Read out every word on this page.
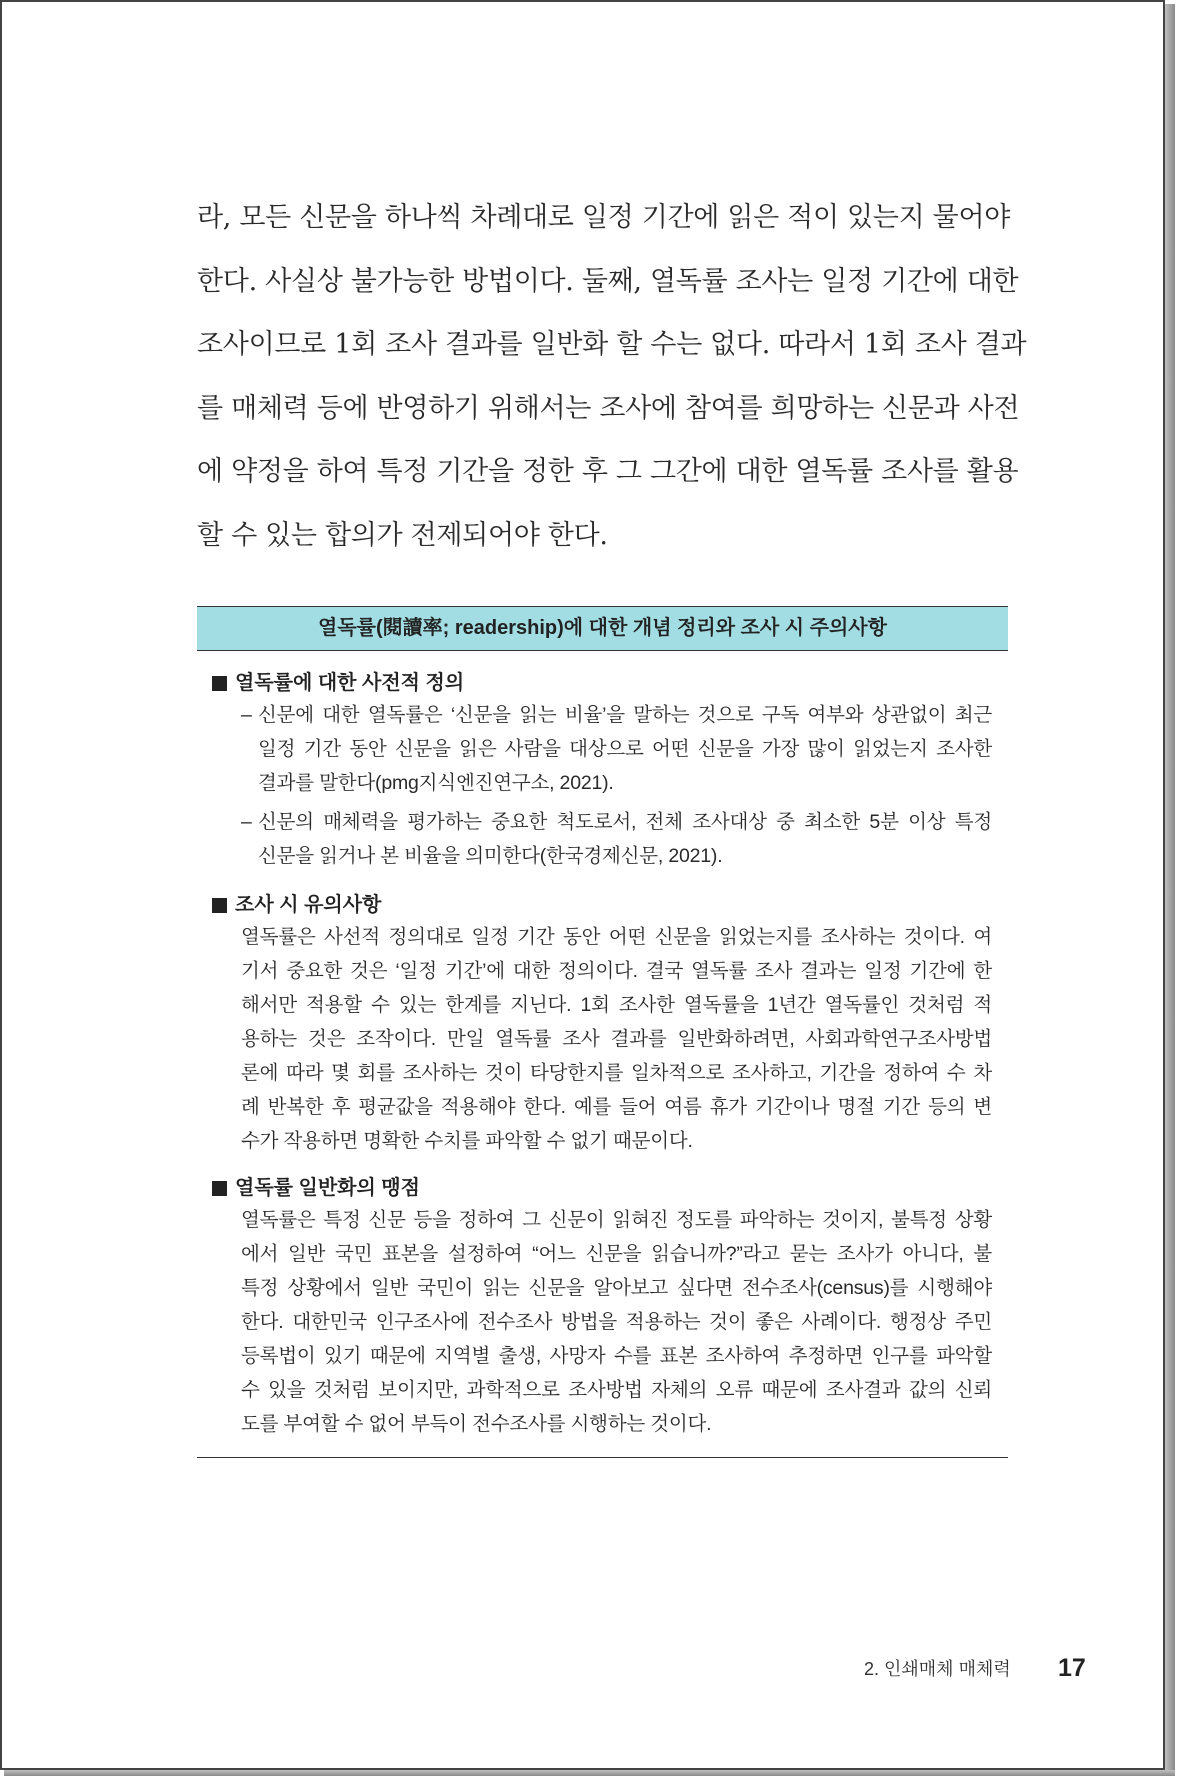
라, 모든 신문을 하나씩 차례대로 일정 기간에 읽은 적이 있는지 물어야
한다. 사실상 불가능한 방법이다. 둘째, 열독률 조사는 일정 기간에 대한
조사이므로 1회 조사 결과를 일반화 할 수는 없다. 따라서 1회 조사 결과
를 매체력 등에 반영하기 위해서는 조사에 참여를 희망하는 신문과 사전
에 약정을 하여 특정 기간을 정한 후 그 그간에 대한 열독률 조사를 활용
할 수 있는 합의가 전제되어야 한다.
열독률(閱讀率; readership)에 대한 개념 정리와 조사 시 주의사항
열독률에 대한 사전적 정의
– 신문에 대한 열독률은 ‘신문을 읽는 비율’을 말하는 것으로 구독 여부와 상관없이 최근
일정 기간 동안 신문을 읽은 사람을 대상으로 어떤 신문을 가장 많이 읽었는지 조사한
결과를 말한다(pmg지식엔진연구소, 2021).
– 신문의 매체력을 평가하는 중요한 척도로서, 전체 조사대상 중 최소한 5분 이상 특정
신문을 읽거나 본 비율을 의미한다(한국경제신문, 2021).
조사 시 유의사항
열독률은 사선적 정의대로 일정 기간 동안 어떤 신문을 읽었는지를 조사하는 것이다. 여
기서 중요한 것은 ‘일정 기간’에 대한 정의이다. 결국 열독률 조사 결과는 일정 기간에 한
해서만 적용할 수 있는 한계를 지닌다. 1회 조사한 열독률을 1년간 열독률인 것처럼 적
용하는 것은 조작이다. 만일 열독률 조사 결과를 일반화하려면, 사회과학연구조사방법
론에 따라 몇 회를 조사하는 것이 타당한지를 일차적으로 조사하고, 기간을 정하여 수 차
례 반복한 후 평균값을 적용해야 한다. 예를 들어 여름 휴가 기간이나 명절 기간 등의 변
수가 작용하면 명확한 수치를 파악할 수 없기 때문이다.
열독률 일반화의 맹점
열독률은 특정 신문 등을 정하여 그 신문이 읽혀진 정도를 파악하는 것이지, 불특정 상황
에서 일반 국민 표본을 설정하여 “어느 신문을 읽습니까?”라고 묻는 조사가 아니다, 불
특정 상황에서 일반 국민이 읽는 신문을 알아보고 싶다면 전수조사(census)를 시행해야
한다. 대한민국 인구조사에 전수조사 방법을 적용하는 것이 좋은 사례이다. 행정상 주민
등록법이 있기 때문에 지역별 출생, 사망자 수를 표본 조사하여 추정하면 인구를 파악할
수 있을 것처럼 보이지만, 과학적으로 조사방법 자체의 오류 때문에 조사결과 값의 신뢰
도를 부여할 수 없어 부득이 전수조사를 시행하는 것이다.
2. 인쇄매체 매체력 17
